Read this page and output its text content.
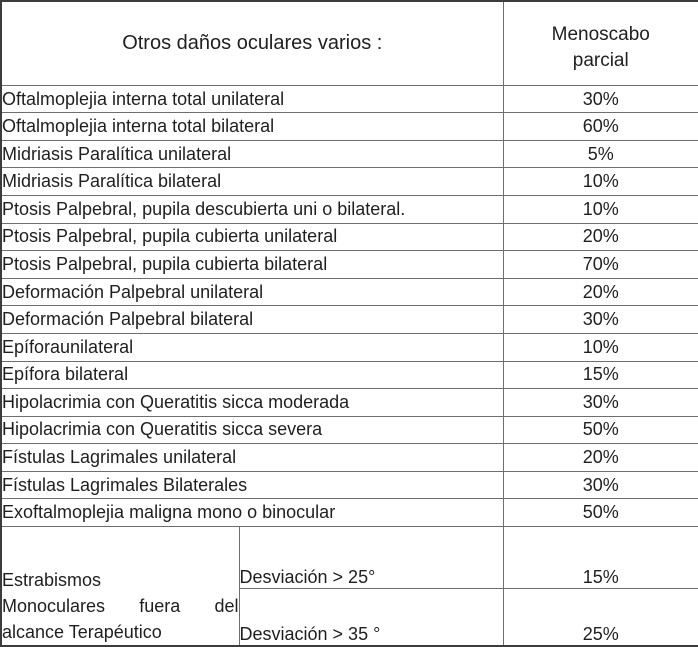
Otros daños oculares varios :		Menoscabo
parcial

Oftalmoplejia interna total unilateral		30%
Oftalmoplejia interna total bilateral		60%
Midriasis Paralítica unilateral		5%
Midriasis Paralítica bilateral		10%
Ptosis Palpebral, pupila descubierta uni o bilateral.		10%
Ptosis Palpebral, pupila cubierta unilateral		20%
Ptosis Palpebral, pupila cubierta bilateral		70%
Deformación Palpebral unilateral		20%
Deformación Palpebral bilateral		30%
Epíforaunilateral		10%
Epífora bilateral		15%
Hipolacrimia con Queratitis sicca moderada		30%
Hipolacrimia con Queratitis sicca severa		50%
Fístulas Lagrimales unilateral		20%
Fístulas Lagrimales Bilaterales		30%
Exoftalmoplejia maligna mono o binocular		50%

Estrabismos
Monoculares fuera del
alcance Terapéutico	Desviación > 25°	15%
	Desviación > 35 °	25%
